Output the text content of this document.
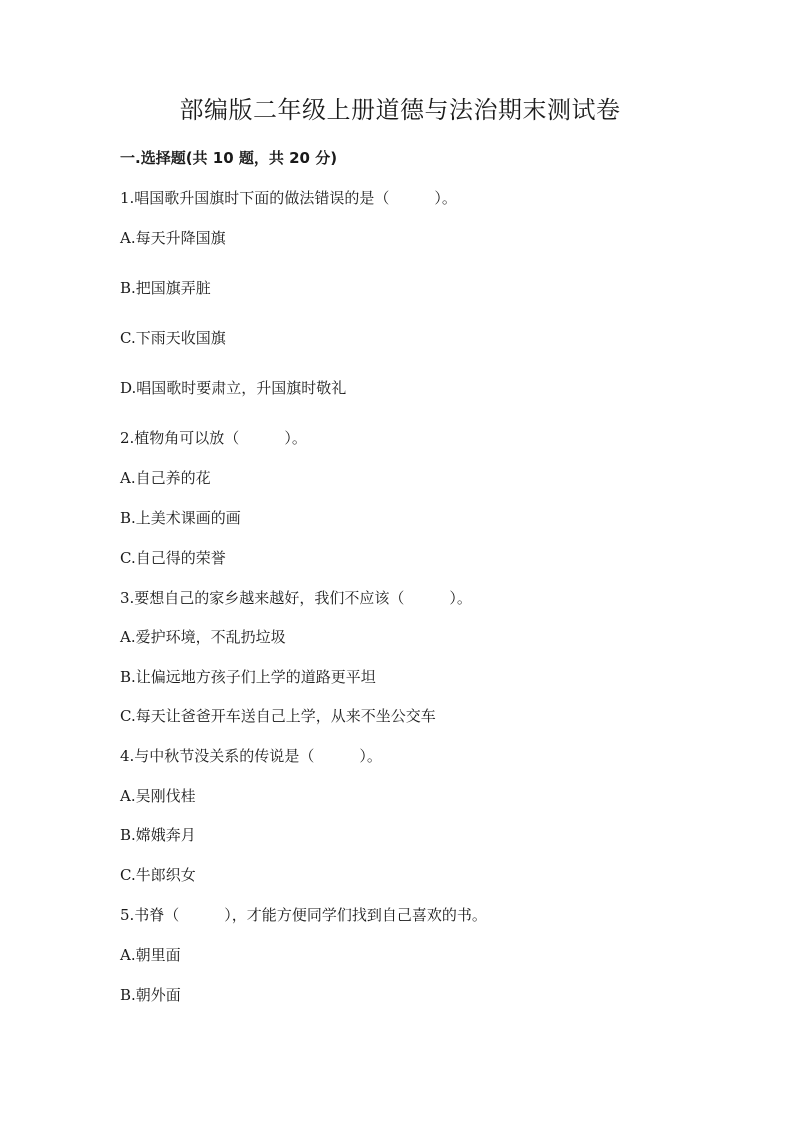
部编版二年级上册道德与法治期末测试卷
一.选择题(共 10 题，共 20 分)
1.唱国歌升国旗时下面的做法错误的是（　　　）。
A.每天升降国旗
B.把国旗弄脏
C.下雨天收国旗
D.唱国歌时要肃立，升国旗时敬礼
2.植物角可以放（　　　）。
A.自己养的花
B.上美术课画的画
C.自己得的荣誉
3.要想自己的家乡越来越好，我们不应该（　　　）。
A.爱护环境，不乱扔垃圾
B.让偏远地方孩子们上学的道路更平坦
C.每天让爸爸开车送自己上学，从来不坐公交车
4.与中秋节没关系的传说是（　　　）。
A.吴刚伐桂
B.嫦娥奔月
C.牛郎织女
5.书脊（　　　），才能方便同学们找到自己喜欢的书。
A.朝里面
B.朝外面
